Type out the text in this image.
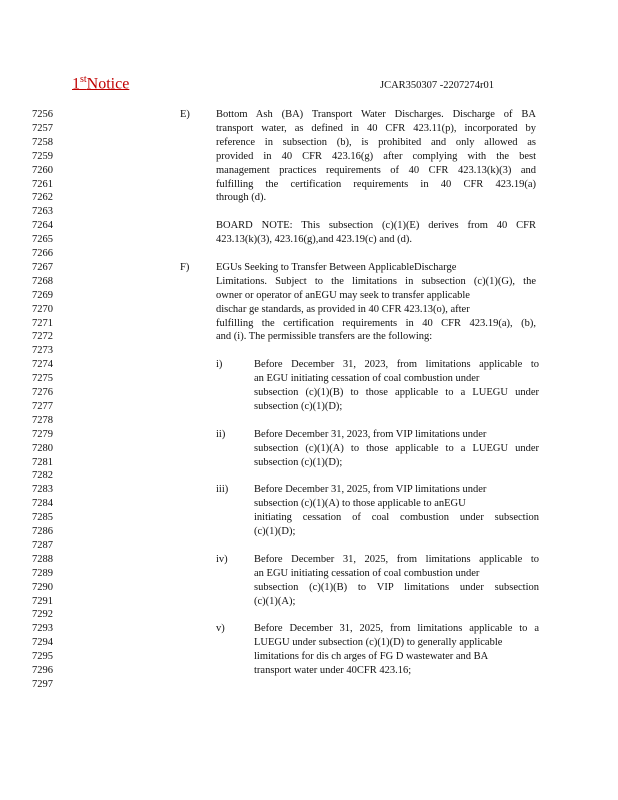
1stNotice	JCAR350307 -2207274r01
7256
7257
7258
7259
7260
7261
7262
7263
7264
7265
7266
7267
7268
7269
7270
7271
7272
7273
7274
7275
7276
7277
7278
7279
7280
7281
7282
7283
7284
7285
7286
7287
7288
7289
7290
7291
7292
7293
7294
7295
7296
7297
E) Bottom Ash (BA) Transport Water Discharges. Discharge of BA
transport water, as defined in 40 CFR 423.11(p), incorporated by
reference in subsection (b), is prohibited and only allowed as
provided in 40 CFR 423.16(g) after complying with the best
management practices requirements of 40 CFR 423.13(k)(3) and
fulfilling the certification requirements in 40 CFR 423.19(a)
through (d).
BOARD NOTE: This subsection (c)(1)(E) derives from 40 CFR
423.13(k)(3), 423.16(g),and 423.19(c) and (d).
F)	EGUs Seeking to Transfer Between ApplicableDischarge
Limitations. Subject to the limitations in subsection (c)(1)(G), the
owner or operator of anEGU may seek to transfer applicable
dischar ge standards, as provided in 40 CFR 423.13(o), after
fulfilling the certification requirements in 40 CFR 423.19(a), (b),
and (i). The permissible transfers are the following:
i)	Before December 31, 2023, from limitations applicable to
an EGU initiating cessation of coal combustion under
subsection (c)(1)(B) to those applicable to a LUEGU under
subsection (c)(1)(D);
ii)	Before December 31, 2023, from VIP limitations under
subsection (c)(1)(A) to those applicable to a LUEGU under
subsection (c)(1)(D);
iii) Before December 31, 2025, from VIP limitations under
subsection (c)(1)(A) to those applicable to anEGU
initiating cessation of coal combustion under subsection
(c)(1)(D);
iv)	Before December 31, 2025, from limitations applicable to
an EGU initiating cessation of coal combustion under
subsection (c)(1)(B) to VIP limitations under subsection
(c)(1)(A);
v)	Before December 31, 2025, from limitations applicable to a
LUEGU under subsection (c)(1)(D) to generally applicable
limitations for dis ch arges of FG D wastewater and BA
transport water under 40CFR 423.16;
